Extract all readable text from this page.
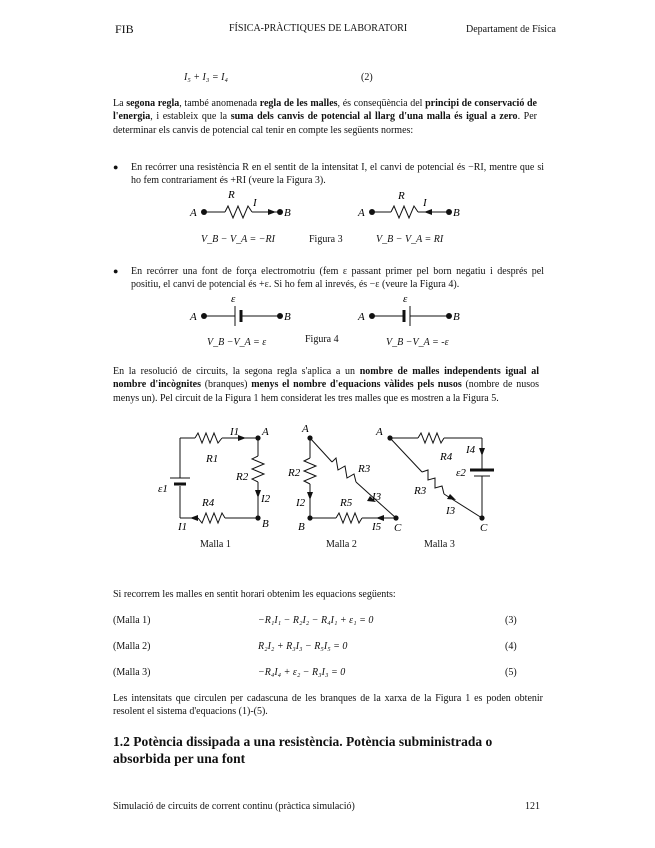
FIB	FÍSICA-PRÀCTIQUES DE LABORATORI	Departament de Física
I₅ + I₃ = I₄	(2)
La segona regla, també anomenada regla de les malles, és conseqüència del principi de conservació de l'energia, i estableix que la suma dels canvis de potencial al llarg d'una malla és igual a zero. Per determinar els canvis de potencial cal tenir en compte les següents normes:
● En recórrer una resistència R en el sentit de la intensitat I, el canvi de potencial és −RI, mentre que si ho fem contrariament és +RI (veure la Figura 3).
A	B
R
I
A	B
R
I
V_B − V_A = −RI	Figura 3	V_B − V_A = RI
● En recórrer una font de força electromotriu (fem ε passant primer pel born negatiu i després pel positiu, el canvi de potencial és +ε. Si ho fem al inrevés, és −ε (veure la Figura 4).
A	B
ε
A	B
ε
V_B −V_A = ε	Figura 4	V_B −V_A = -ε
En la resolució de circuits, la segona regla s'aplica a un nombre de malles independents igual al nombre d'incògnites (branques) menys el nombre d'equacions vàlides pels nusos (nombre de nusos menys un). Pel circuit de la Figura 1 hem considerat les tres malles que es mostren a la Figura 5.
A
B
I1
R1
R2
I2
R4
I1
ε1
A
B	C
R2
I2
R3
I3
R5
I5
A
C
R4
I4
ε2
R3
I3
Malla 1	Malla 2	Malla 3
Si recorrem les malles en sentit horari obtenim les equacions següents:
(Malla 1)	−R₁I₁ − R₂I₂ − R₄I₁ + ε₁ = 0	(3)
(Malla 2)	R₂I₂ + R₃I₃ − R₅I₅ = 0	(4)
(Malla 3)	−R₄I₄ + ε₂ − R₃I₃ = 0	(5)
Les intensitats que circulen per cadascuna de les branques de la xarxa de la Figura 1 es poden obtenir resolent el sistema d'equacions (1)-(5).
1.2 Potència dissipada a una resistència. Potència subministrada o absorbida per una font
Simulació de circuits de corrent continu (pràctica simulació)	121
